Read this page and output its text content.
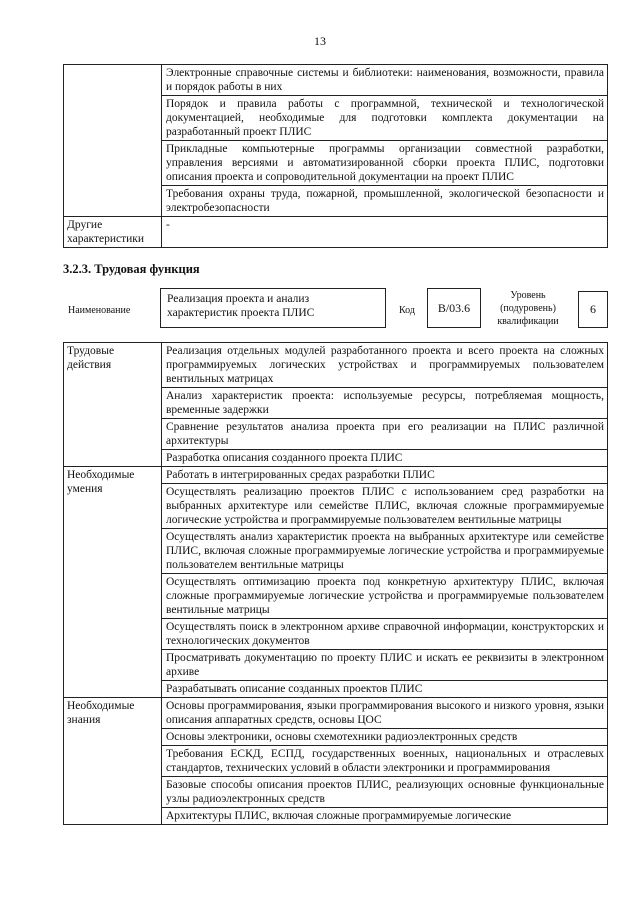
13
	Электронные справочные системы и библиотеки: наименования, возможности, правила и порядок работы в них
	Порядок и правила работы с программной, технической и технологической документацией, необходимые для подготовки комплекта документации на разработанный проект ПЛИС
	Прикладные компьютерные программы организации совместной разработки, управления версиями и автоматизированной сборки проекта ПЛИС, подготовки описания проекта и сопроводительной документации на проект ПЛИС
	Требования охраны труда, пожарной, промышленной, экологической безопасности и электробезопасности
Другие характеристики	-
3.2.3. Трудовая функция
Наименование
Реализация проекта и анализ характеристик проекта ПЛИС	Код	B/03.6
Уровень (подуровень) квалификации
6
Трудовые действия	Реализация отдельных модулей разработанного проекта и всего проекта на сложных программируемых логических устройствах и программируемых пользователем вентильных матрицах
	Анализ характеристик проекта: используемые ресурсы, потребляемая мощность, временные задержки
	Сравнение результатов анализа проекта при его реализации на ПЛИС различной архитектуры
	Разработка описания созданного проекта ПЛИС
Необходимые умения	Работать в интегрированных средах разработки ПЛИС
	Осуществлять реализацию проектов ПЛИС с использованием сред разработки на выбранных архитектуре или семействе ПЛИС, включая сложные программируемые логические устройства и программируемые пользователем вентильные матрицы
	Осуществлять анализ характеристик проекта на выбранных архитектуре или семействе ПЛИС, включая сложные программируемые логические устройства и программируемые пользователем вентильные матрицы
	Осуществлять оптимизацию проекта под конкретную архитектуру ПЛИС, включая сложные программируемые логические устройства и программируемые пользователем вентильные матрицы
	Осуществлять поиск в электронном архиве справочной информации, конструкторских и технологических документов
	Просматривать документацию по проекту ПЛИС и искать ее реквизиты в электронном архиве
	Разрабатывать описание созданных проектов ПЛИС
Необходимые знания	Основы программирования, языки программирования высокого и низкого уровня, языки описания аппаратных средств, основы ЦОС
	Основы электроники, основы схемотехники радиоэлектронных средств
	Требования ЕСКД, ЕСПД, государственных военных, национальных и отраслевых стандартов, технических условий в области электроники и программирования
	Базовые способы описания проектов ПЛИС, реализующих основные функциональные узлы радиоэлектронных средств
	Архитектуры ПЛИС, включая сложные программируемые логические
